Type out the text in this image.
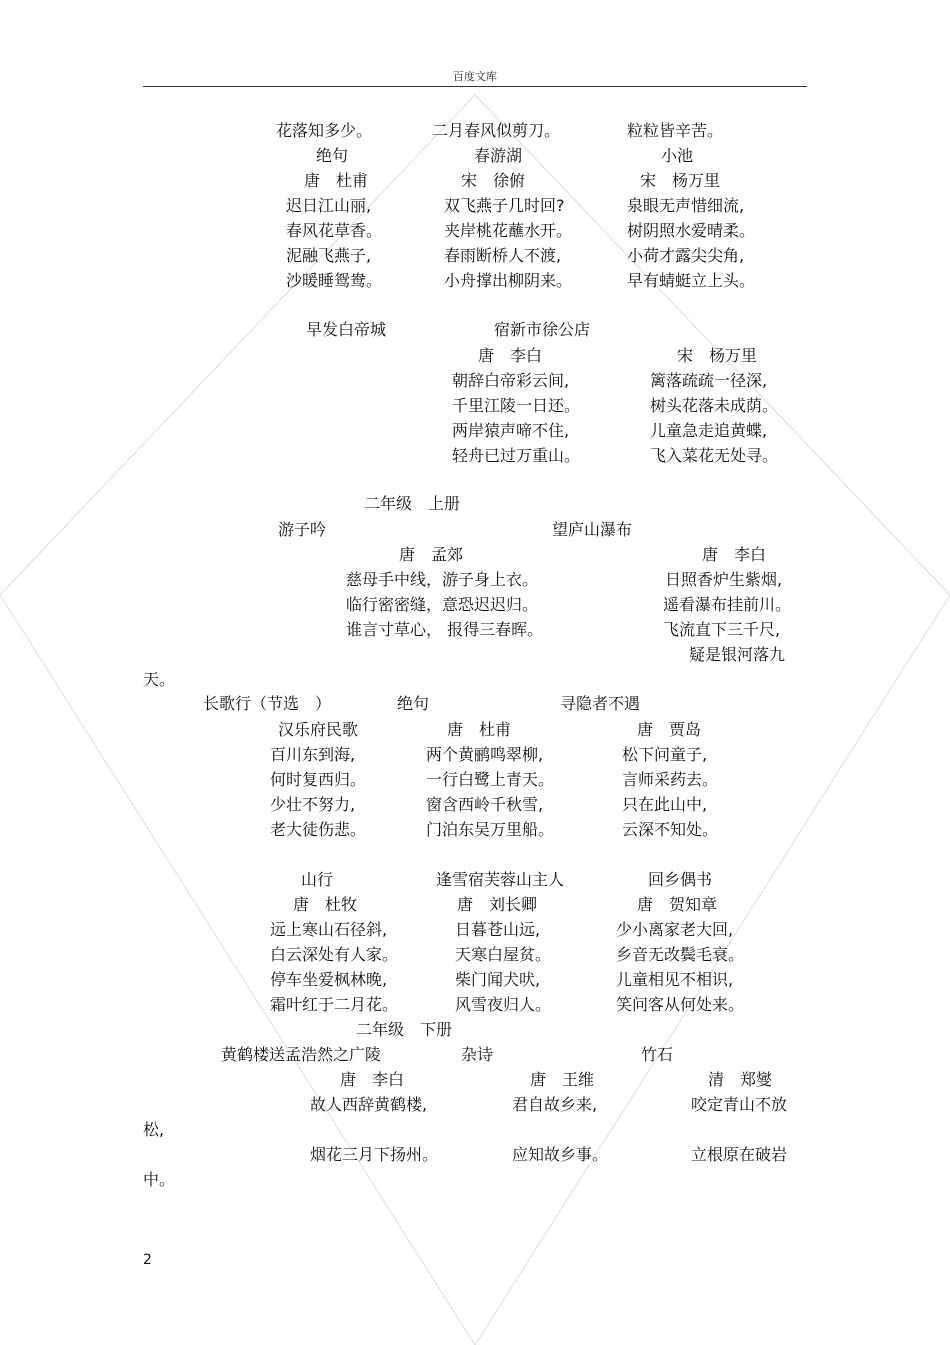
百度文库
花落知多少。	二月春风似剪刀。	粒粒皆辛苦。
绝句	春游湖	小池
唐　杜甫	宋　徐俯	宋　杨万里
迟日江山丽,	双飞燕子几时回?	泉眼无声惜细流,
春风花草香。	夹岸桃花蘸水开。	树阴照水爱晴柔。
泥融飞燕子,	春雨断桥人不渡,	小荷才露尖尖角,
沙暖睡鸳鸯。	小舟撑出柳阴来。	早有蜻蜓立上头。
早发白帝城	宿新市徐公店
唐　李白	宋　杨万里
朝辞白帝彩云间,	篱落疏疏一径深,
千里江陵一日还。	树头花落未成荫。
两岸猿声啼不住,	儿童急走追黄蝶,
轻舟已过万重山。	飞入菜花无处寻。
二年级　上册
游子吟	望庐山瀑布
唐　孟郊	唐　李白
慈母手中线，游子身上衣。	日照香炉生紫烟,
临行密密缝，意恐迟迟归。	遥看瀑布挂前川。
谁言寸草心， 报得三春晖。	飞流直下三千尺,
疑是银河落九
天。
长歌行（节选　）	绝句	寻隐者不遇
汉乐府民歌	唐　杜甫	唐　贾岛
百川东到海,	两个黄鹂鸣翠柳,	松下问童子,
何时复西归。	一行白鹭上青天。	言师采药去。
少壮不努力,	窗含西岭千秋雪,	只在此山中,
老大徒伤悲。	门泊东吴万里船。	云深不知处。
山行	逢雪宿芙蓉山主人	回乡偶书
唐　杜牧	唐　刘长卿	唐　贺知章
远上寒山石径斜,	日暮苍山远,	少小离家老大回,
白云深处有人家。	天寒白屋贫。	乡音无改鬓毛衰。
停车坐爱枫林晚,	柴门闻犬吠,	儿童相见不相识,
霜叶红于二月花。	风雪夜归人。	笑问客从何处来。
二年级　下册
黄鹤楼送孟浩然之广陵	杂诗	竹石
唐　李白	唐　王维	清　郑燮
故人西辞黄鹤楼,	君自故乡来,	咬定青山不放
松,
烟花三月下扬州。	应知故乡事。	立根原在破岩
中。
2
